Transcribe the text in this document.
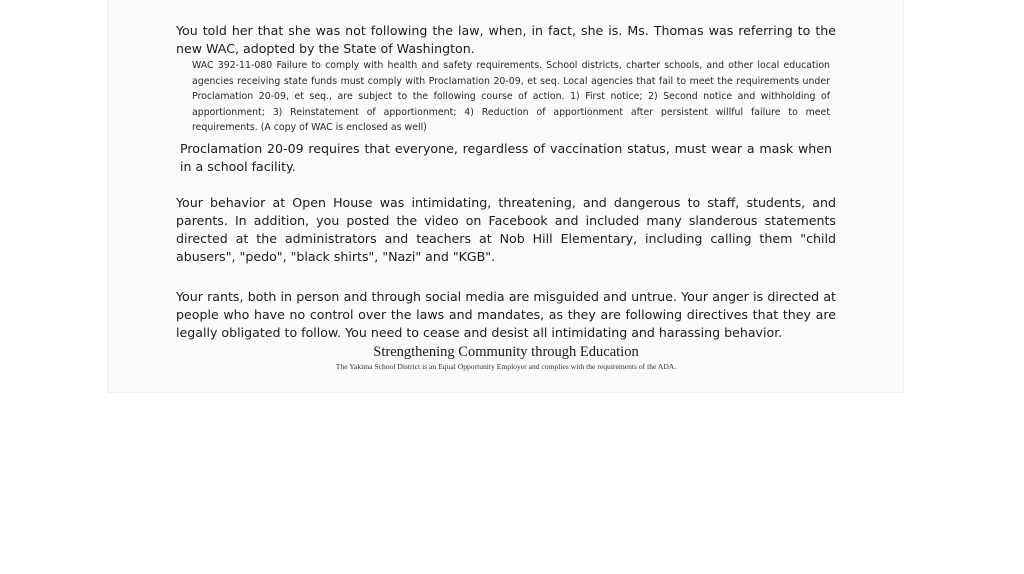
You told her that she was not following the law, when, in fact, she is. Ms. Thomas was referring to the new WAC, adopted by the State of Washington.

WAC 392-11-080 Failure to comply with health and safety requirements. School districts, charter schools, and other local education agencies receiving state funds must comply with Proclamation 20-09, et seq. Local agencies that fail to meet the requirements under Proclamation 20-09, et seq., are subject to the following course of action. 1) First notice; 2) Second notice and withholding of apportionment; 3) Reinstatement of apportionment; 4) Reduction of apportionment after persistent willful failure to meet requirements. (A copy of WAC is enclosed as well)

Proclamation 20-09 requires that everyone, regardless of vaccination status, must wear a mask when in a school facility.

Your behavior at Open House was intimidating, threatening, and dangerous to staff, students, and parents. In addition, you posted the video on Facebook and included many slanderous statements directed at the administrators and teachers at Nob Hill Elementary, including calling them "child abusers", "pedo", "black shirts", "Nazi" and "KGB".

Your rants, both in person and through social media are misguided and untrue. Your anger is directed at people who have no control over the laws and mandates, as they are following directives that they are legally obligated to follow. You need to cease and desist all intimidating and harassing behavior.

Strengthening Community through Education
The Yakima School District is an Equal Opportunity Employer and complies with the requirements of the ADA.
